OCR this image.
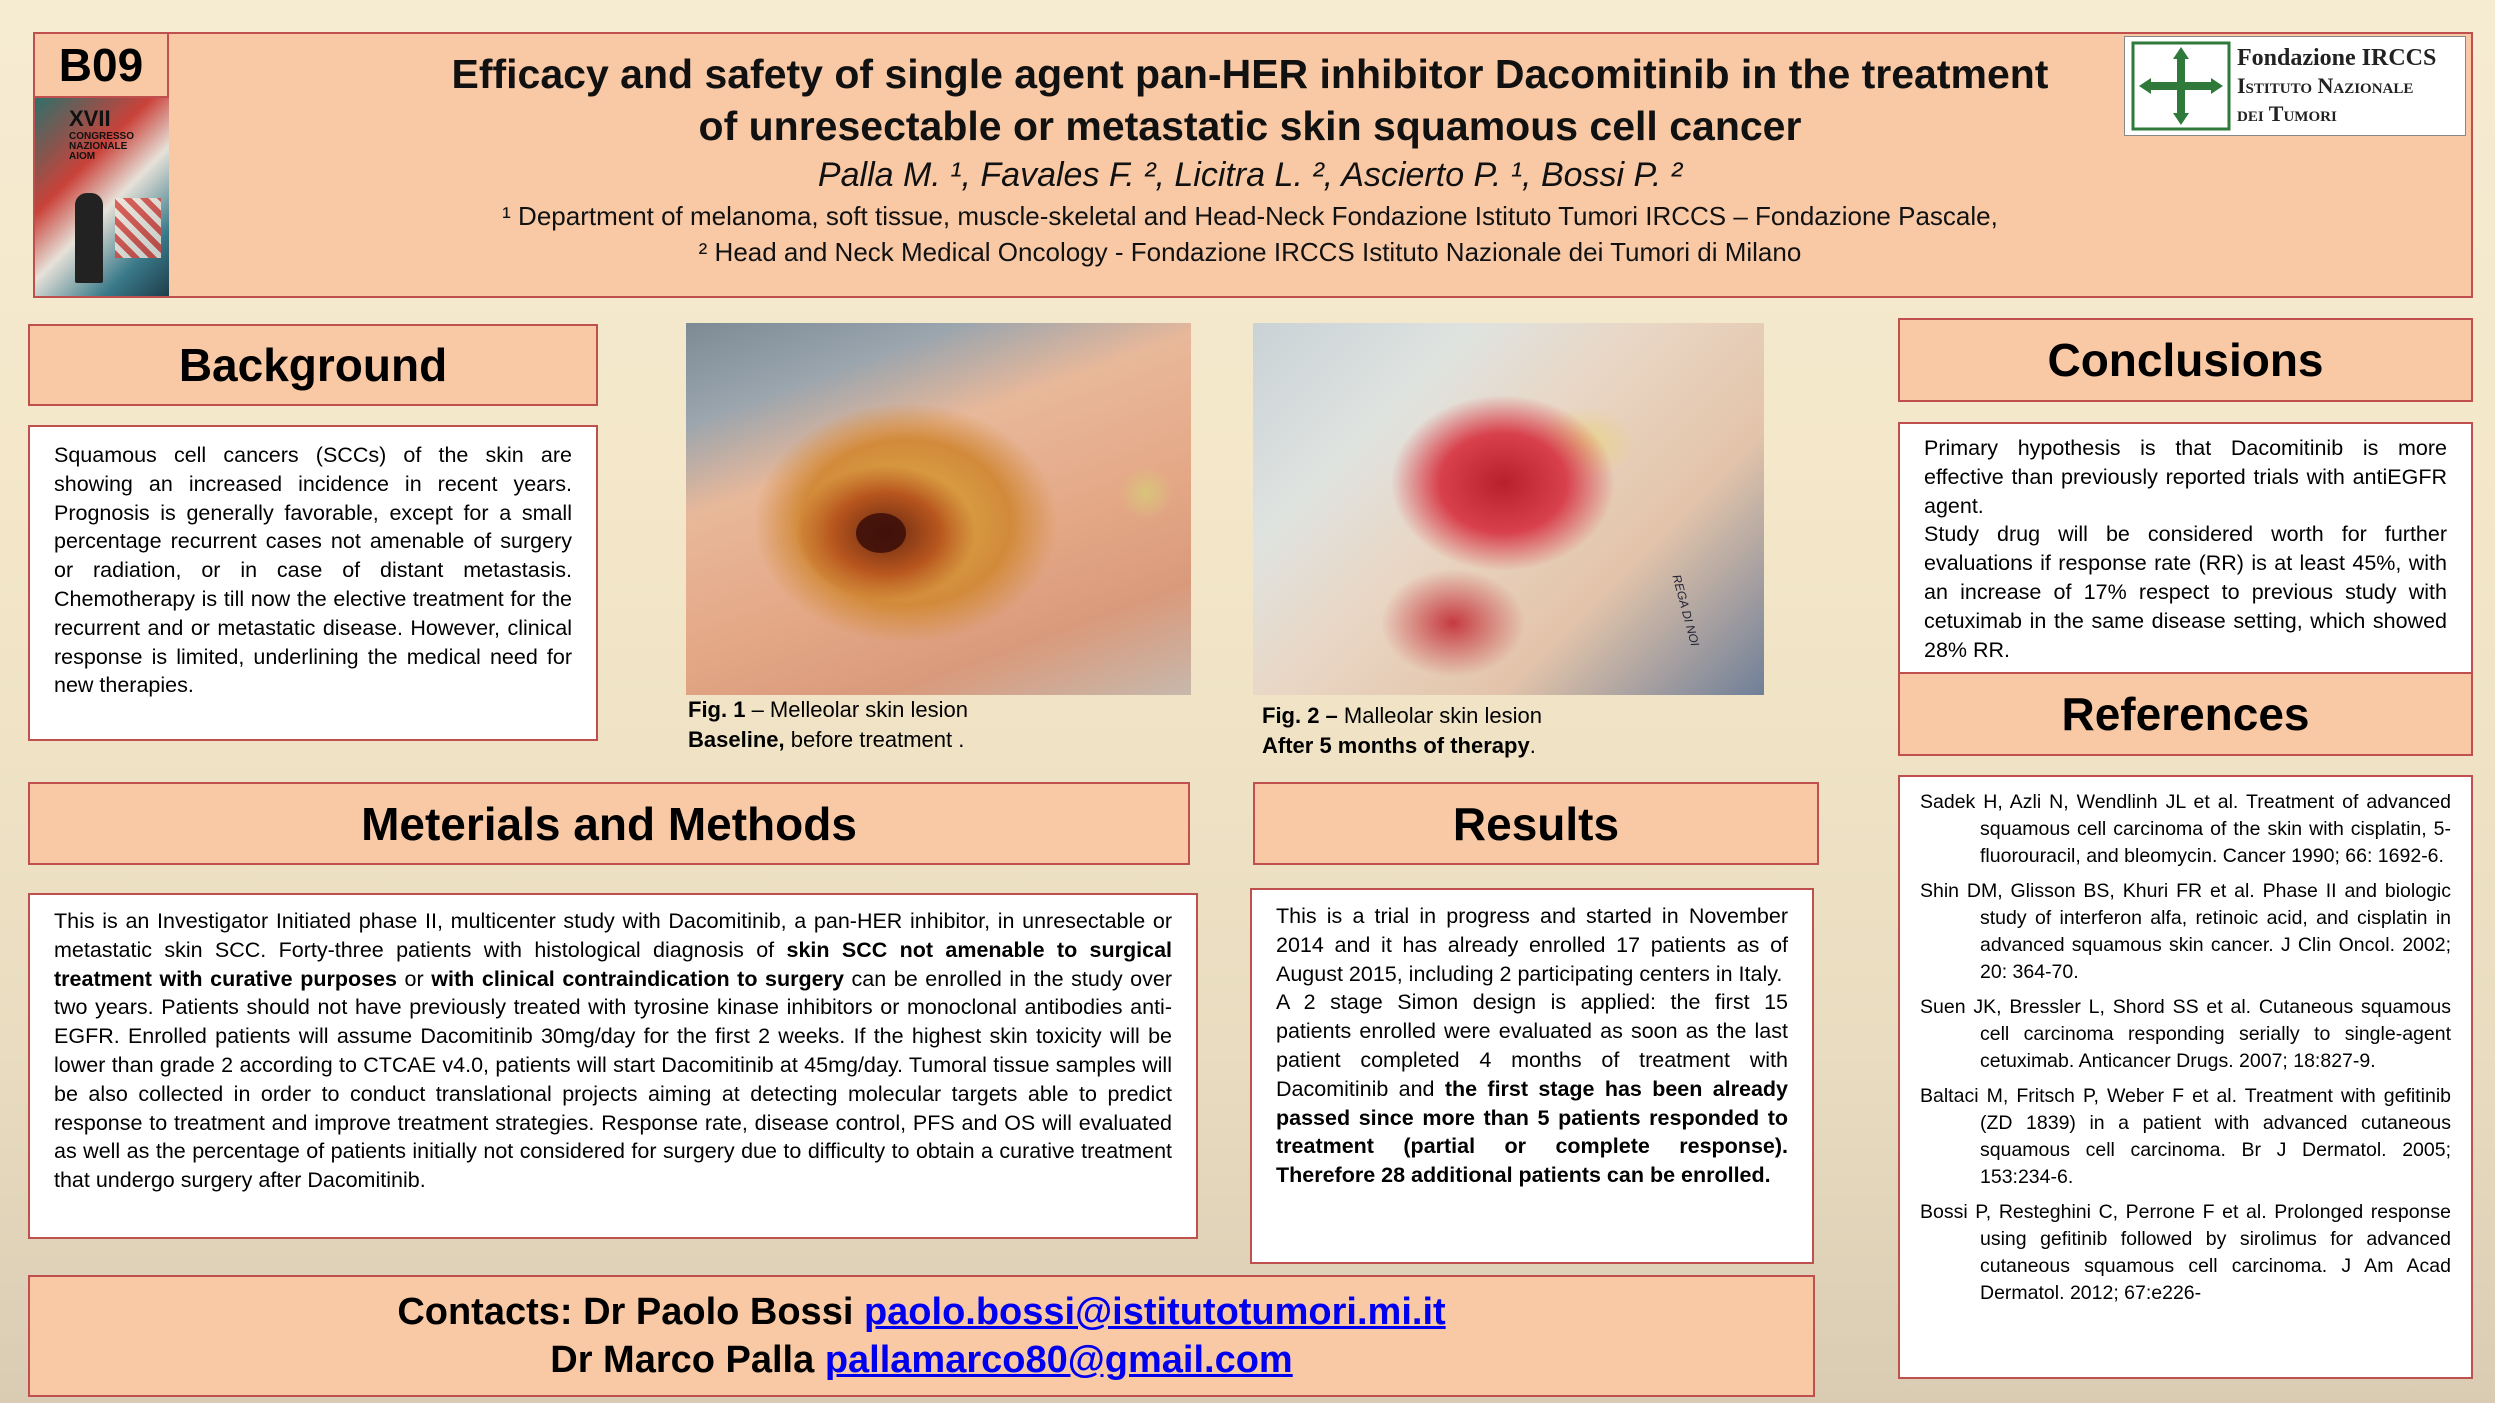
B09
XVII
CONGRESSO
NAZIONALE
AIOM
Efficacy and safety of single agent pan-HER inhibitor Dacomitinib in the treatment
of unresectable or metastatic skin squamous cell cancer
Palla M. ¹, Favales F. ², Licitra L. ², Ascierto P. ¹, Bossi P. ²
¹ Department of melanoma, soft tissue, muscle-skeletal and Head-Neck Fondazione Istituto Tumori IRCCS – Fondazione Pascale,
² Head and Neck Medical Oncology - Fondazione IRCCS Istituto Nazionale dei Tumori di Milano
Fondazione IRCCS
Istituto Nazionale
dei Tumori
Background
Squamous cell cancers (SCCs) of the skin are showing an increased incidence in recent years. Prognosis is generally favorable, except for a small percentage recurrent cases not amenable of surgery or radiation, or in case of distant metastasis. Chemotherapy is till now the elective treatment for the recurrent and or metastatic disease. However, clinical response is limited, underlining the medical need for new therapies.
Fig. 1 – Melleolar skin lesion
Baseline, before treatment .
REGA DI NOI
Fig. 2 – Malleolar skin lesion
After 5 months of therapy.
Meterials and Methods
This is an Investigator Initiated phase II, multicenter study with Dacomitinib, a pan-HER inhibitor, in unresectable or metastatic skin SCC. Forty-three patients with histological diagnosis of skin SCC not amenable to surgical treatment with curative purposes or with clinical contraindication to surgery can be enrolled in the study over two years. Patients should not have previously treated with tyrosine kinase inhibitors or monoclonal antibodies anti-EGFR. Enrolled patients will assume Dacomitinib 30mg/day for the first 2 weeks. If the highest skin toxicity will be lower than grade 2 according to CTCAE v4.0, patients will start Dacomitinib at 45mg/day. Tumoral tissue samples will be also collected in order to conduct translational projects aiming at detecting molecular targets able to predict response to treatment and improve treatment strategies. Response rate, disease control, PFS and OS will evaluated as well as the percentage of patients initially not considered for surgery due to difficulty to obtain a curative treatment that undergo surgery after Dacomitinib.
Results
This is a trial in progress and started in November 2014 and it has already enrolled 17 patients as of August 2015, including 2 participating centers in Italy.
A 2 stage Simon design is applied: the first 15 patients enrolled were evaluated as soon as the last patient completed 4 months of treatment with Dacomitinib and the first stage has been already passed since more than 5 patients responded to treatment (partial or complete response). Therefore 28 additional patients can be enrolled.
Conclusions
Primary hypothesis is that Dacomitinib is more effective than previously reported trials with antiEGFR agent.
Study drug will be considered worth for further evaluations if response rate (RR) is at least 45%, with an increase of 17% respect to previous study with cetuximab in the same disease setting, which showed 28% RR.
References

Sadek H, Azli N, Wendlinh JL et al. Treatment of advanced squamous cell carcinoma of the skin with cisplatin, 5-fluorouracil, and bleomycin. Cancer 1990; 66: 1692-6.

Shin DM, Glisson BS, Khuri FR et al. Phase II and biologic study of interferon alfa, retinoic acid, and cisplatin in advanced squamous skin cancer. J Clin Oncol. 2002; 20: 364-70.

Suen JK, Bressler L, Shord SS et al. Cutaneous squamous cell carcinoma responding serially to single-agent cetuximab. Anticancer Drugs. 2007; 18:827-9.

Baltaci M, Fritsch P, Weber F et al. Treatment with gefitinib (ZD 1839) in a patient with advanced cutaneous squamous cell carcinoma. Br J Dermatol. 2005; 153:234-6.

Bossi P, Resteghini C, Perrone F et al. Prolonged response using gefitinib followed by sirolimus for advanced cutaneous squamous cell carcinoma. J Am Acad Dermatol. 2012; 67:e226-

Contacts: Dr Paolo Bossi paolo.bossi@istitutotumori.mi.it
Dr Marco Palla pallamarco80@gmail.com
